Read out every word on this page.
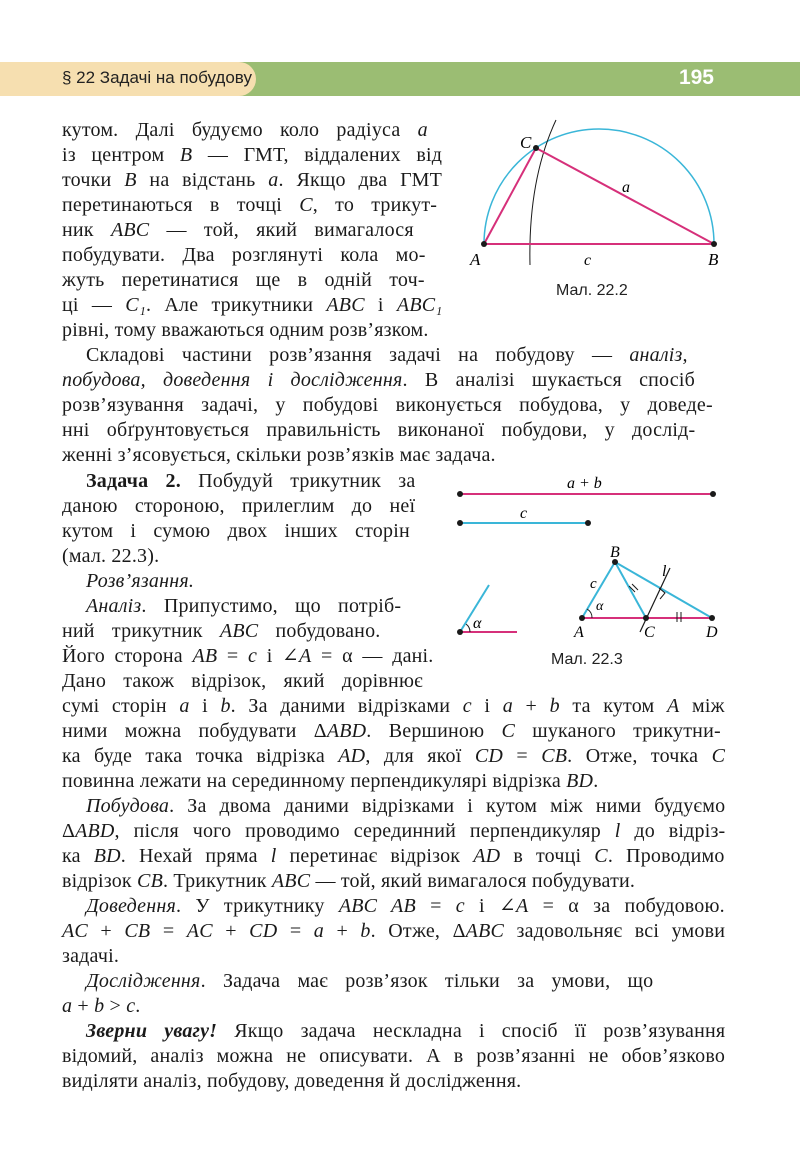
§ 22 Задачі на побудову	195
кутом. Далі будуємо коло радіуса a
із центром B — ГМТ, віддалених від
точки B на відстань a. Якщо два ГМТ
перетинаються в точці C, то трикут-
ник ABC — той, який вимагалося
побудувати. Два розглянуті кола мо-
жуть перетинатися ще в одній точ-
ці — C₁. Але трикутники ABC і ABC₁
рівні, тому вважаються одним розв’язком.
Складові частини розв’язання задачі на побудову — аналіз,
побудова, доведення і дослідження. В аналізі шукається спосіб
розв’язування задачі, у побудові виконується побудова, у доведе-
нні обґрунтовується правильність виконаної побудови, у дослід-
женні з’ясовується, скільки розв’язків має задача.
Задача 2. Побудуй трикутник за
даною стороною, прилеглим до неї
кутом і сумою двох інших сторін
(мал. 22.3).
Розв’язання.
Аналіз. Припустимо, що потріб-
ний трикутник ABC побудовано.
Його сторона AB = c і ∠A = α — дані.
Дано також відрізок, який дорівнює
сумі сторін a і b. За даними відрізками c і a + b та кутом A між
ними можна побудувати ΔABD. Вершиною C шуканого трикутни-
ка буде така точка відрізка AD, для якої CD = CB. Отже, точка C
повинна лежати на серединному перпендикулярі відрізка BD.
Побудова. За двома даними відрізками і кутом між ними будуємо
ΔABD, після чого проводимо серединний перпендикуляр l до відріз-
ка BD. Нехай пряма l перетинає відрізок AD в точці C. Проводимо
відрізок CB. Трикутник ABC — той, який вимагалося побудувати.
Доведення. У трикутнику ABC AB = c і ∠A = α за побудовою.
AC + CB = AC + CD = a + b. Отже, ΔABC задовольняє всі умови
задачі.
Дослідження. Задача має розв’язок тільки за умови, що
a + b > c.
Зверни увагу! Якщо задача нескладна і спосіб її розв’язування
відомий, аналіз можна не описувати. А в розв’язанні не обов’язково
виділяти аналіз, побудову, доведення й дослідження.
A	B
C
a
c
Мал. 22.2
a + b
c
α
A
B
C	D
c
l
α
Мал. 22.3
